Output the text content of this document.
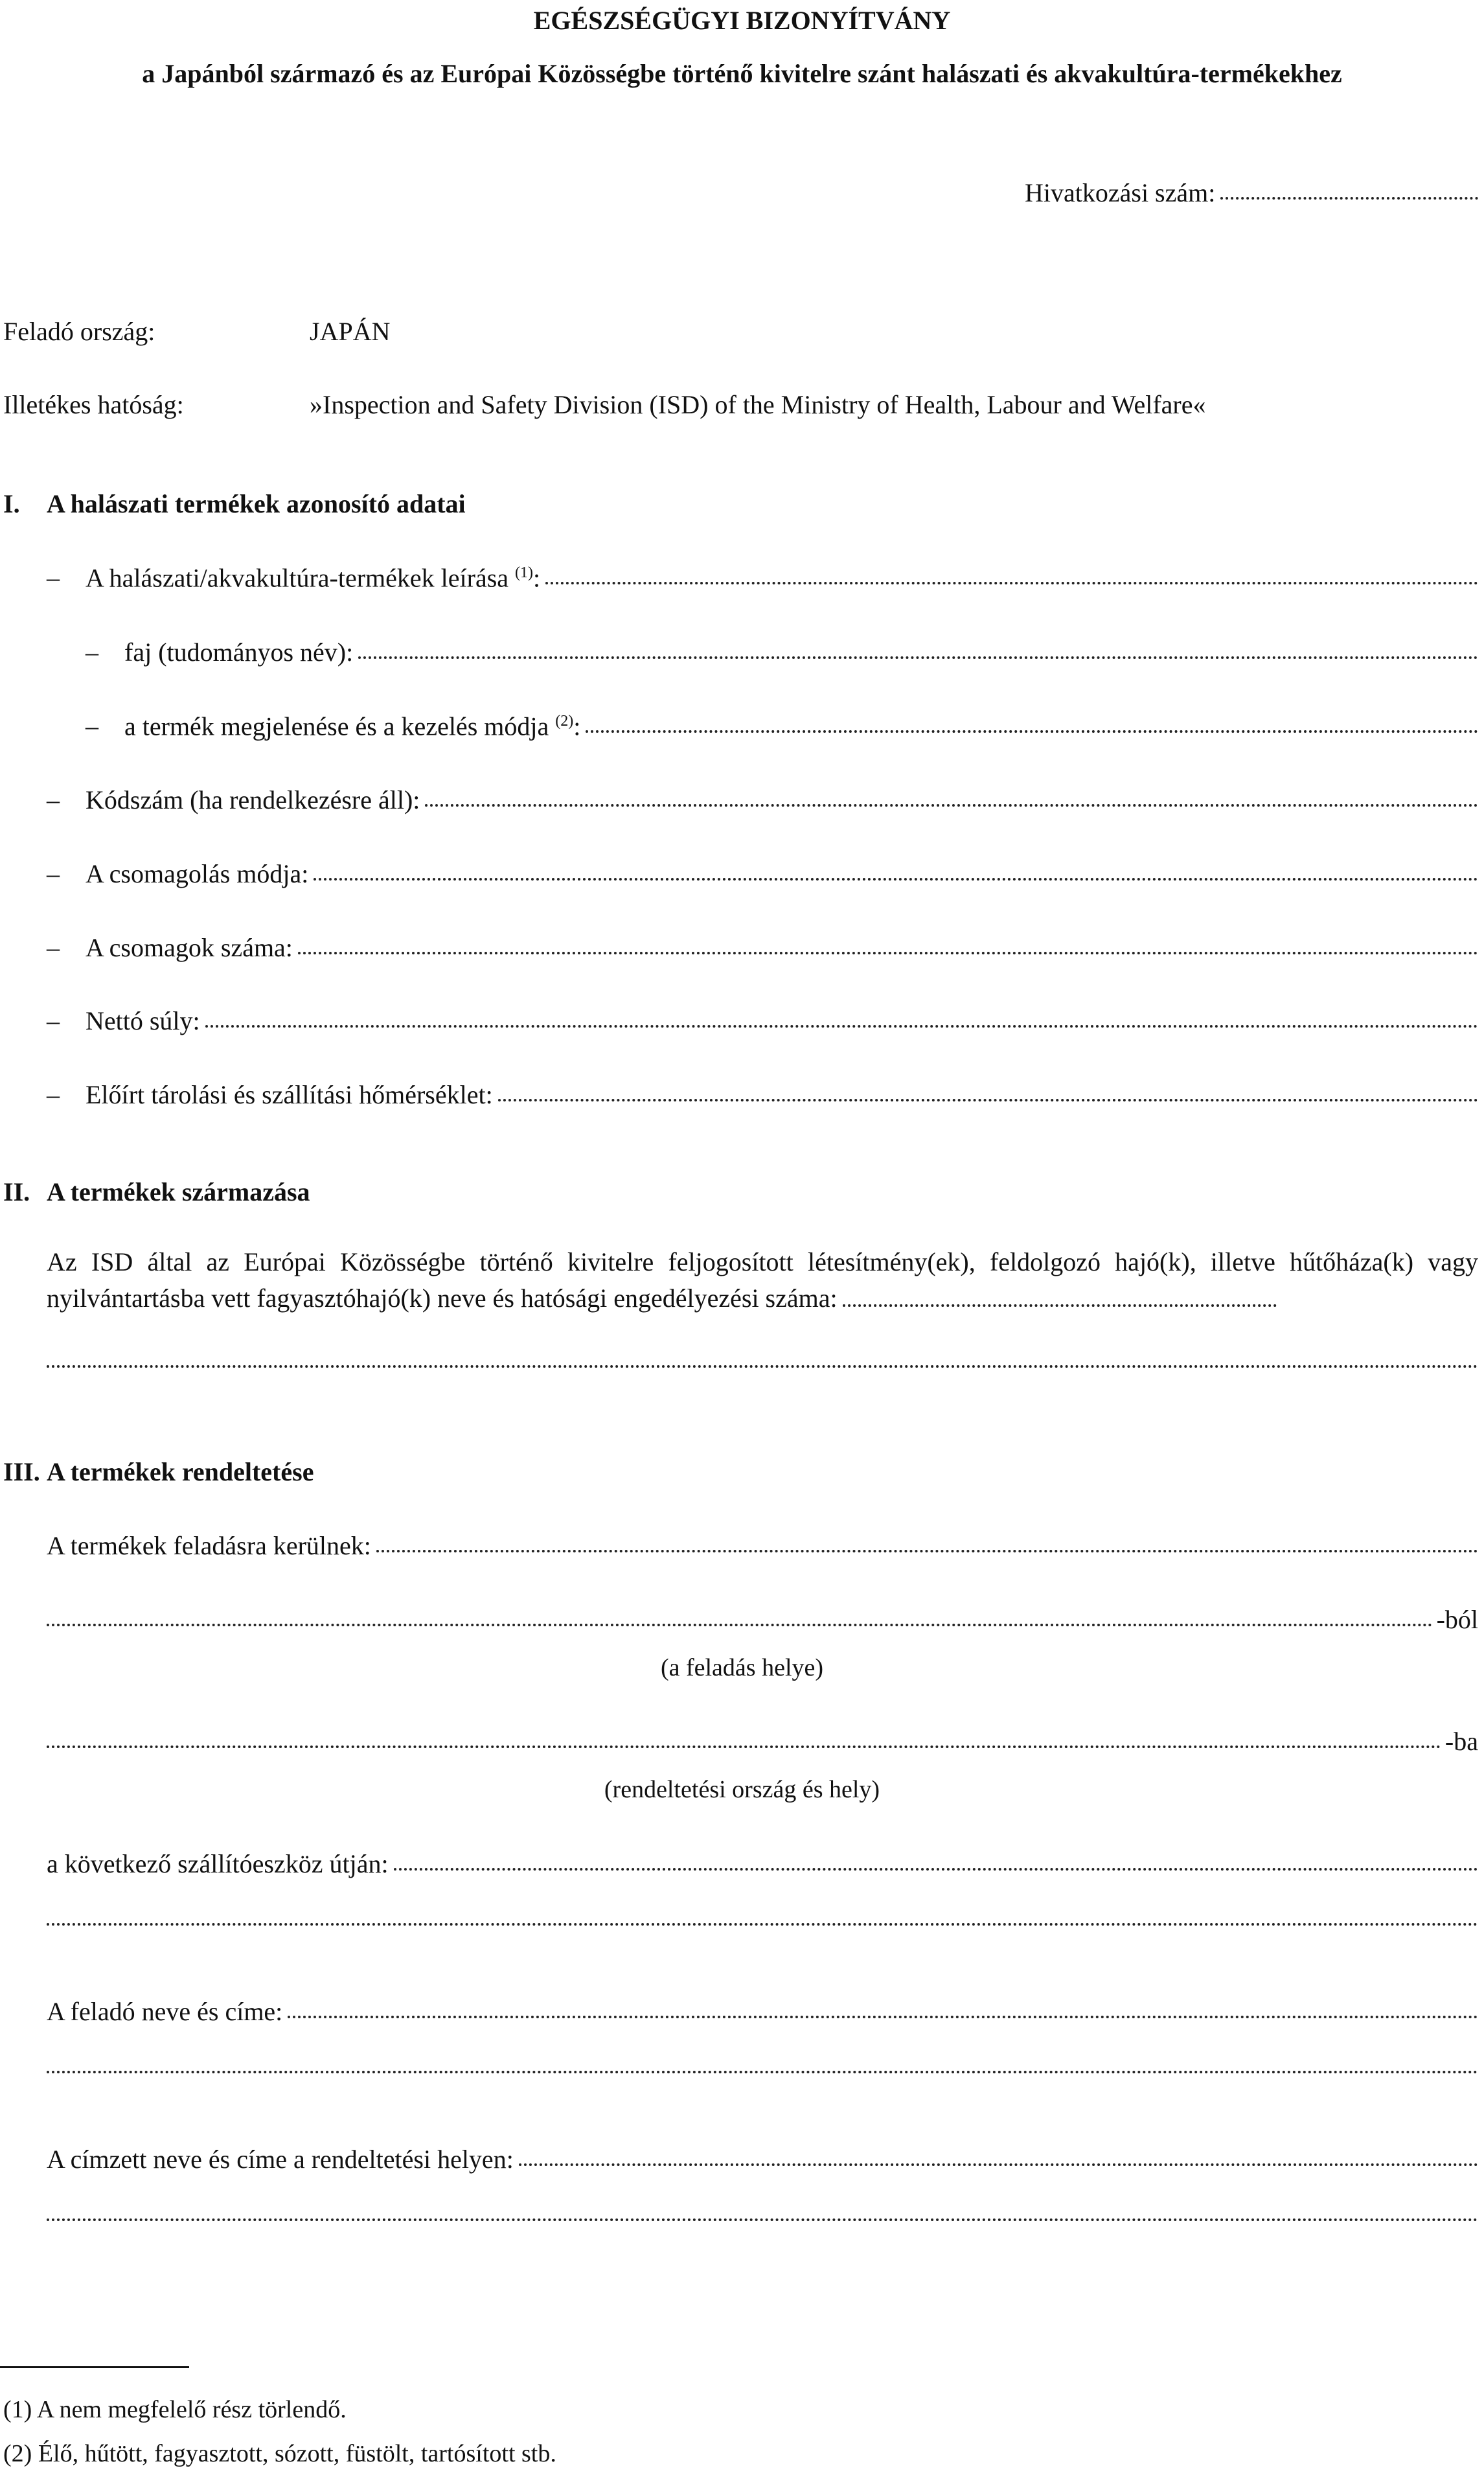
EGÉSZSÉGÜGYI BIZONYÍTVÁNY
a Japánból származó és az Európai Közösségbe történő kivitelre szánt halászati és akvakultúra-termékekhez
Hivatkozási szám:
Feladó ország:	JAPÁN
Illetékes hatóság:	»Inspection and Safety Division (ISD) of the Ministry of Health, Labour and Welfare«
I. A halászati termékek azonosító adatai
– A halászati/akvakultúra-termékek leírása $^{(1)}$:
– faj (tudományos név):
– a termék megjelenése és a kezelés módja $^{(2)}$:
– Kódszám (ha rendelkezésre áll):
– A csomagolás módja:
– A csomagok száma:
– Nettó súly:
– Előírt tárolási és szállítási hőmérséklet:
II. A termékek származása
Az ISD által az Európai Közösségbe történő kivitelre feljogosított létesítmény(ek), feldolgozó hajó(k), illetve hűtőháza(k) vagy nyilvántartásba vett fagyasztóhajó(k) neve és hatósági engedélyezési száma:
III. A termékek rendeltetése
A termékek feladásra kerülnek:
-ból
(a feladás helye)
-ba
(rendeltetési ország és hely)
a következő szállítóeszköz útján:
A feladó neve és címe:
A címzett neve és címe a rendeltetési helyen:
(1) A nem megfelelő rész törlendő.
(2) Élő, hűtött, fagyasztott, sózott, füstölt, tartósított stb.
